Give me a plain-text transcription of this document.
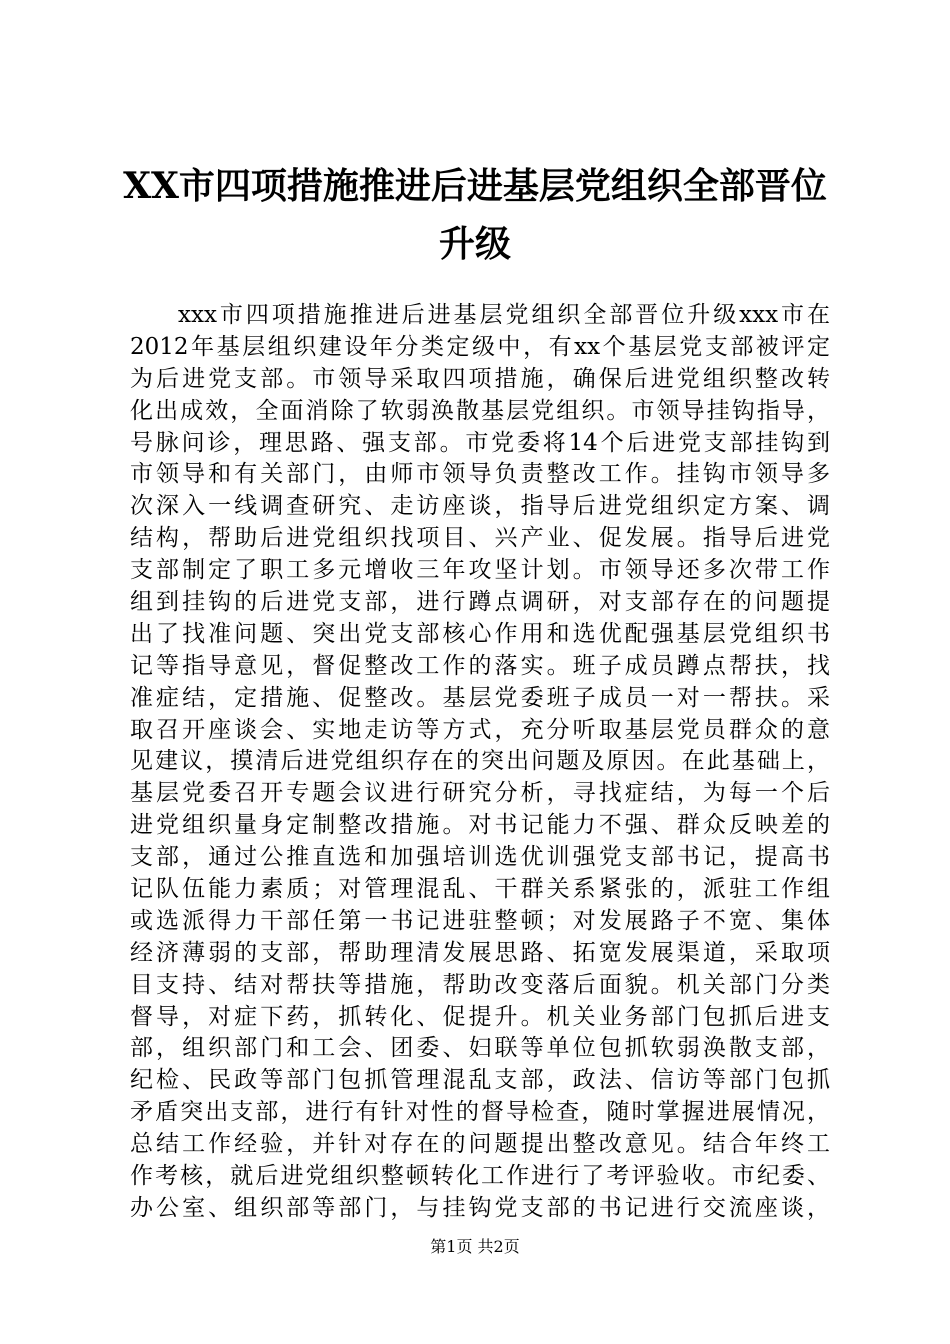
XX市四项措施推进后进基层党组织全部晋位
升级
xxx市四项措施推进后进基层党组织全部晋位升级xxx市在
2012年基层组织建设年分类定级中，有xx个基层党支部被评定
为后进党支部。市领导采取四项措施，确保后进党组织整改转
化出成效，全面消除了软弱涣散基层党组织。市领导挂钩指导，
号脉问诊，理思路、强支部。市党委将14个后进党支部挂钩到
市领导和有关部门，由师市领导负责整改工作。挂钩市领导多
次深入一线调查研究、走访座谈，指导后进党组织定方案、调
结构，帮助后进党组织找项目、兴产业、促发展。指导后进党
支部制定了职工多元增收三年攻坚计划。市领导还多次带工作
组到挂钩的后进党支部，进行蹲点调研，对支部存在的问题提
出了找准问题、突出党支部核心作用和选优配强基层党组织书
记等指导意见，督促整改工作的落实。班子成员蹲点帮扶，找
准症结，定措施、促整改。基层党委班子成员一对一帮扶。采
取召开座谈会、实地走访等方式，充分听取基层党员群众的意
见建议，摸清后进党组织存在的突出问题及原因。在此基础上，
基层党委召开专题会议进行研究分析，寻找症结，为每一个后
进党组织量身定制整改措施。对书记能力不强、群众反映差的
支部，通过公推直选和加强培训选优训强党支部书记，提高书
记队伍能力素质；对管理混乱、干群关系紧张的，派驻工作组
或选派得力干部任第一书记进驻整顿；对发展路子不宽、集体
经济薄弱的支部，帮助理清发展思路、拓宽发展渠道，采取项
目支持、结对帮扶等措施，帮助改变落后面貌。机关部门分类
督导，对症下药，抓转化、促提升。机关业务部门包抓后进支
部，组织部门和工会、团委、妇联等单位包抓软弱涣散支部，
纪检、民政等部门包抓管理混乱支部，政法、信访等部门包抓
矛盾突出支部，进行有针对性的督导检查，随时掌握进展情况，
总结工作经验，并针对存在的问题提出整改意见。结合年终工
作考核，就后进党组织整顿转化工作进行了考评验收。市纪委、
办公室、组织部等部门，与挂钩党支部的书记进行交流座谈，
第1页 共2页
